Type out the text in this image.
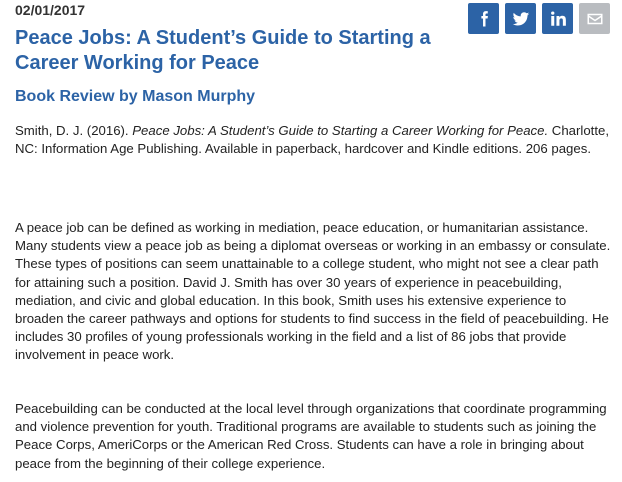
02/01/2017
Peace Jobs: A Student’s Guide to Starting a Career Working for Peace
Book Review by Mason Murphy

Smith, D. J. (2016). Peace Jobs: A Student’s Guide to Starting a Career Working for Peace. Charlotte, NC: Information Age Publishing. Available in paperback, hardcover and Kindle editions. 206 pages.

A peace job can be defined as working in mediation, peace education, or humanitarian assistance. Many students view a peace job as being a diplomat overseas or working in an embassy or consulate. These types of positions can seem unattainable to a college student, who might not see a clear path for attaining such a position. David J. Smith has over 30 years of experience in peacebuilding, mediation, and civic and global education. In this book, Smith uses his extensive experience to broaden the career pathways and options for students to find success in the field of peacebuilding. He includes 30 profiles of young professionals working in the field and a list of 86 jobs that provide involvement in peace work.

Peacebuilding can be conducted at the local level through organizations that coordinate programming and violence prevention for youth. Traditional programs are available to students such as joining the Peace Corps, AmeriCorps or the American Red Cross. Students can have a role in bringing about peace from the beginning of their college experience.
